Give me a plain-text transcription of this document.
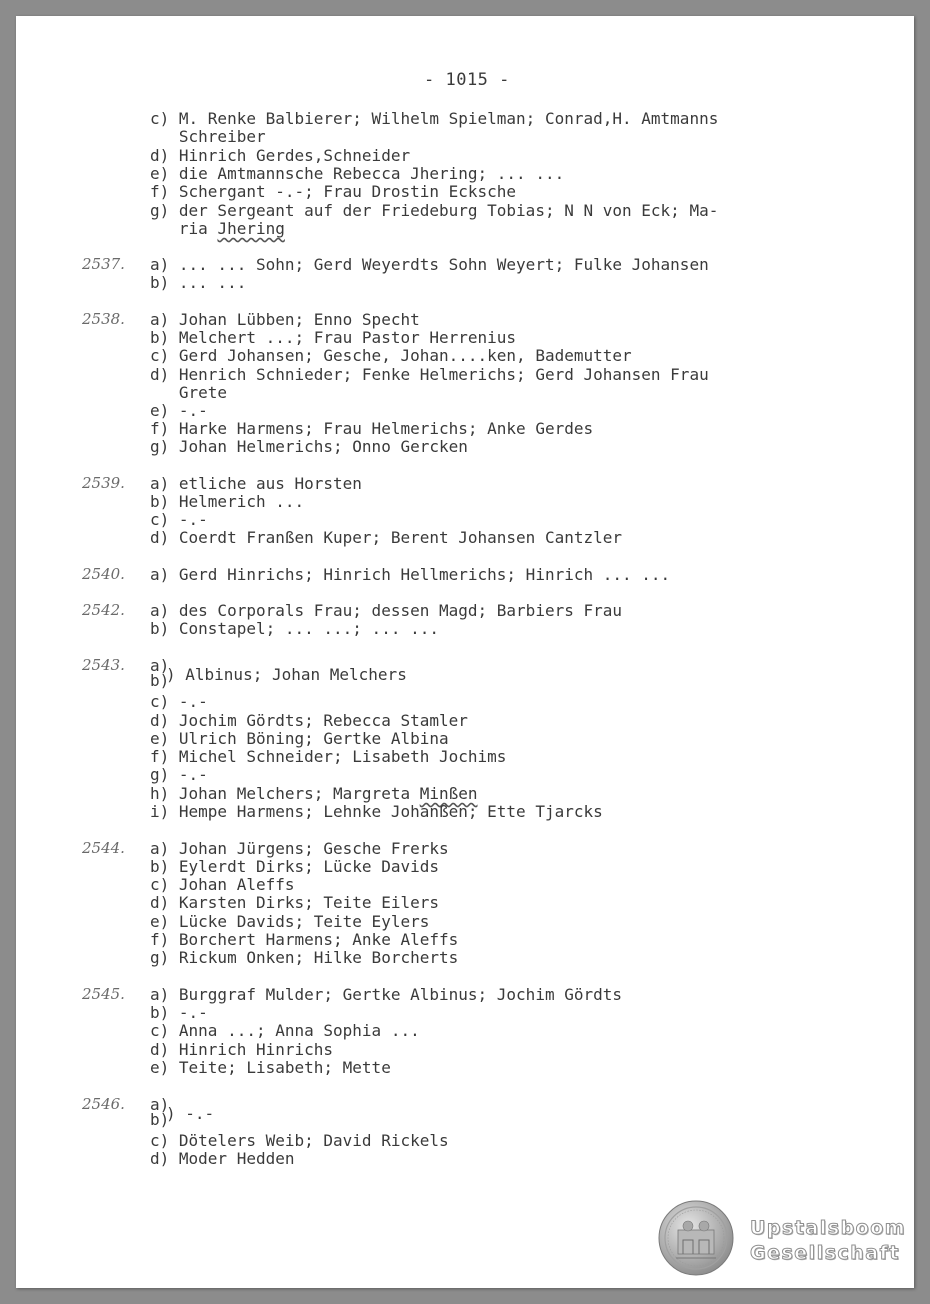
- 1015 -
c) M. Renke Balbierer; Wilhelm Spielman; Conrad,H. Amtmanns
Schreiber
d) Hinrich Gerdes,Schneider
e) die Amtmannsche Rebecca Jhering; ... ...
f) Schergant -.-; Frau Drostin Ecksche
g) der Sergeant auf der Friedeburg Tobias; N N von Eck; Ma-
ria Jhering
2537. a) ... ... Sohn; Gerd Weyerdts Sohn Weyert; Fulke Johansen
b) ... ...
2538. a) Johan Lübben; Enno Specht
b) Melchert ...; Frau Pastor Herrenius
c) Gerd Johansen; Gesche, Johan....ken, Bademutter
d) Henrich Schnieder; Fenke Helmerichs; Gerd Johansen Frau
Grete
e) -.-
f) Harke Harmens; Frau Helmerichs; Anke Gerdes
g) Johan Helmerichs; Onno Gercken
2539. a) etliche aus Horsten
b) Helmerich ...
c) -.-
d) Coerdt Franßen Kuper; Berent Johansen Cantzler
2540. a) Gerd Hinrichs; Hinrich Hellmerichs; Hinrich ... ...
2542. a) des Corporals Frau; dessen Magd; Barbiers Frau
b) Constapel; ... ...; ... ...
2543. a)
b)
) Albinus; Johan Melchers
c) -.-
d) Jochim Gördts; Rebecca Stamler
e) Ulrich Böning; Gertke Albina
f) Michel Schneider; Lisabeth Jochims
g) -.-
h) Johan Melchers; Margreta Minßen
i) Hempe Harmens; Lehnke Johanßen; Ette Tjarcks
2544. a) Johan Jürgens; Gesche Frerks
b) Eylerdt Dirks; Lücke Davids
c) Johan Aleffs
d) Karsten Dirks; Teite Eilers
e) Lücke Davids; Teite Eylers
f) Borchert Harmens; Anke Aleffs
g) Rickum Onken; Hilke Borcherts
2545. a) Burggraf Mulder; Gertke Albinus; Jochim Gördts
b) -.-
c) Anna ...; Anna Sophia ...
d) Hinrich Hinrichs
e) Teite; Lisabeth; Mette
2546. a)
b)
) -.-
c) Dötelers Weib; David Rickels
d) Moder Hedden
Upstalsboom
Gesellschaft
